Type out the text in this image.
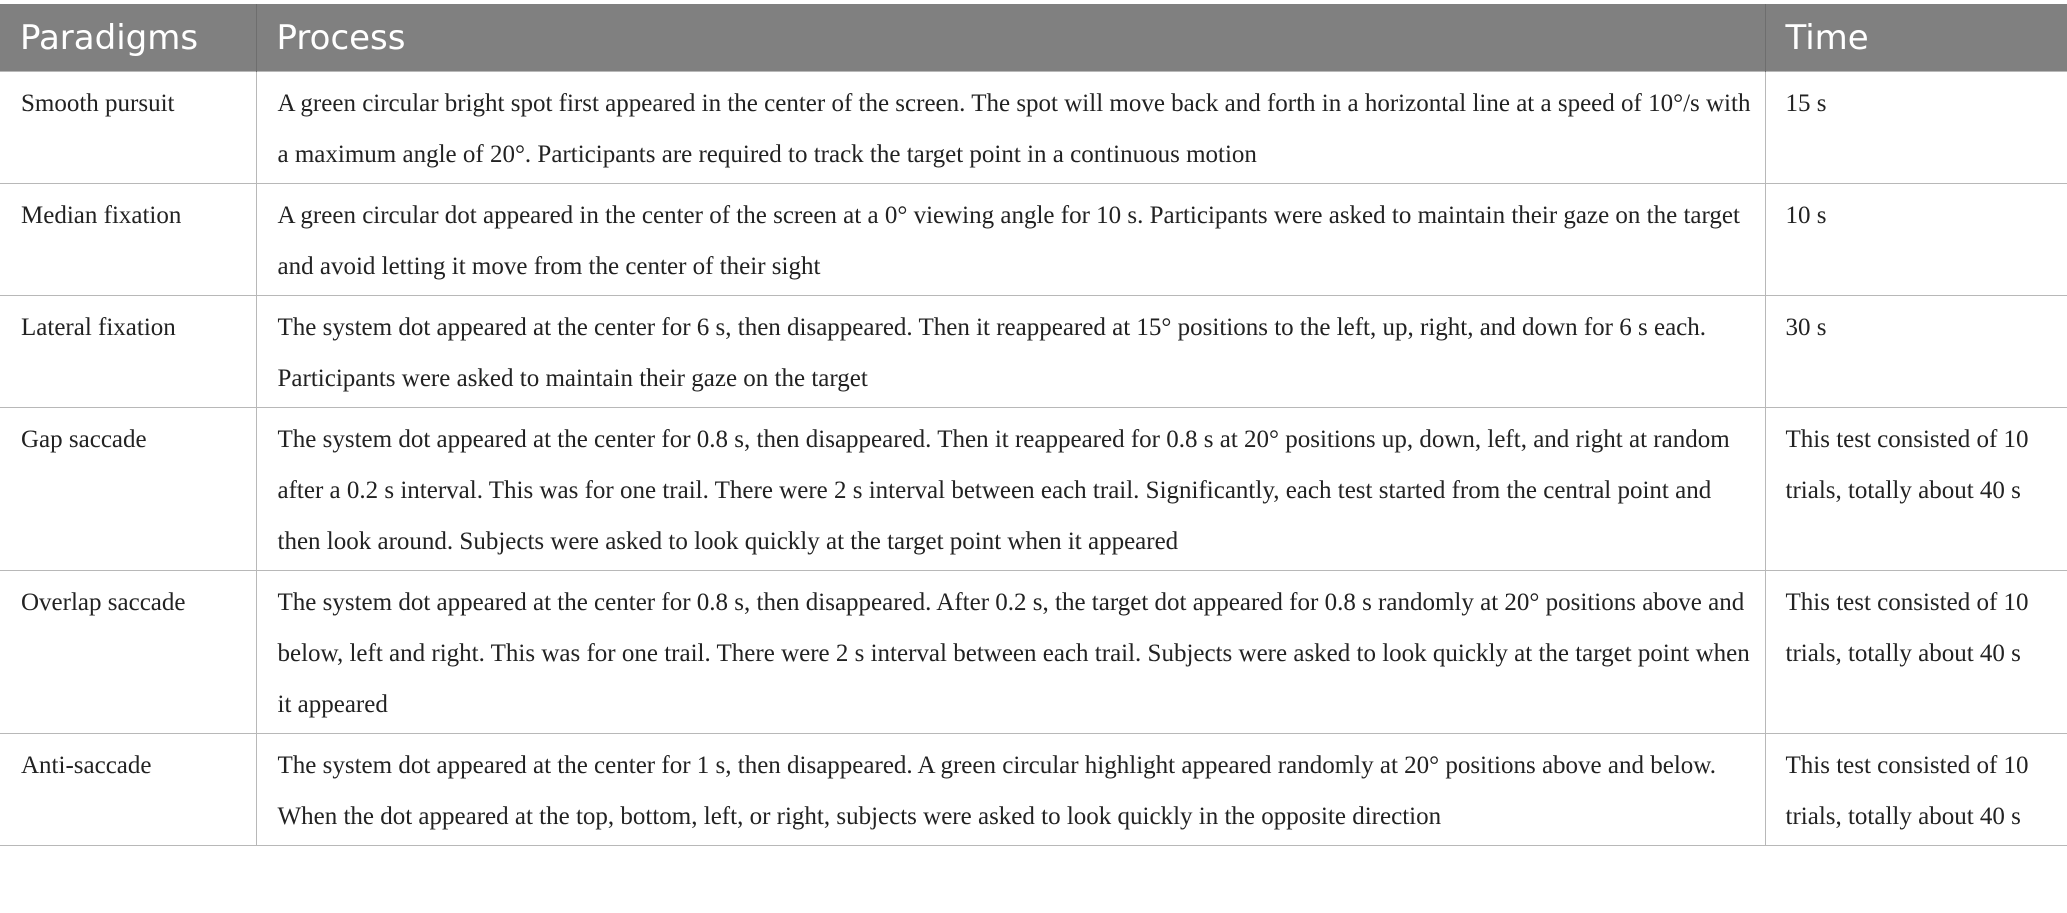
Paradigms	Process	Time
Smooth pursuit	A green circular bright spot first appeared in the center of the screen. The spot will move back and forth in a horizontal line at a speed of 10°/s with a maximum angle of 20°. Participants are required to track the target point in a continuous motion	15 s
Median fixation	A green circular dot appeared in the center of the screen at a 0° viewing angle for 10 s. Participants were asked to maintain their gaze on the target and avoid letting it move from the center of their sight	10 s
Lateral fixation	The system dot appeared at the center for 6 s, then disappeared. Then it reappeared at 15° positions to the left, up, right, and down for 6 s each. Participants were asked to maintain their gaze on the target	30 s
Gap saccade	The system dot appeared at the center for 0.8 s, then disappeared. Then it reappeared for 0.8 s at 20° positions up, down, left, and right at random after a 0.2 s interval. This was for one trail. There were 2 s interval between each trail. Significantly, each test started from the central point and then look around. Subjects were asked to look quickly at the target point when it appeared	This test consisted of 10 trials, totally about 40 s
Overlap saccade	The system dot appeared at the center for 0.8 s, then disappeared. After 0.2 s, the target dot appeared for 0.8 s randomly at 20° positions above and below, left and right. This was for one trail. There were 2 s interval between each trail. Subjects were asked to look quickly at the target point when it appeared	This test consisted of 10 trials, totally about 40 s
Anti-saccade	The system dot appeared at the center for 1 s, then disappeared. A green circular highlight appeared randomly at 20° positions above and below. When the dot appeared at the top, bottom, left, or right, subjects were asked to look quickly in the opposite direction	This test consisted of 10 trials, totally about 40 s
